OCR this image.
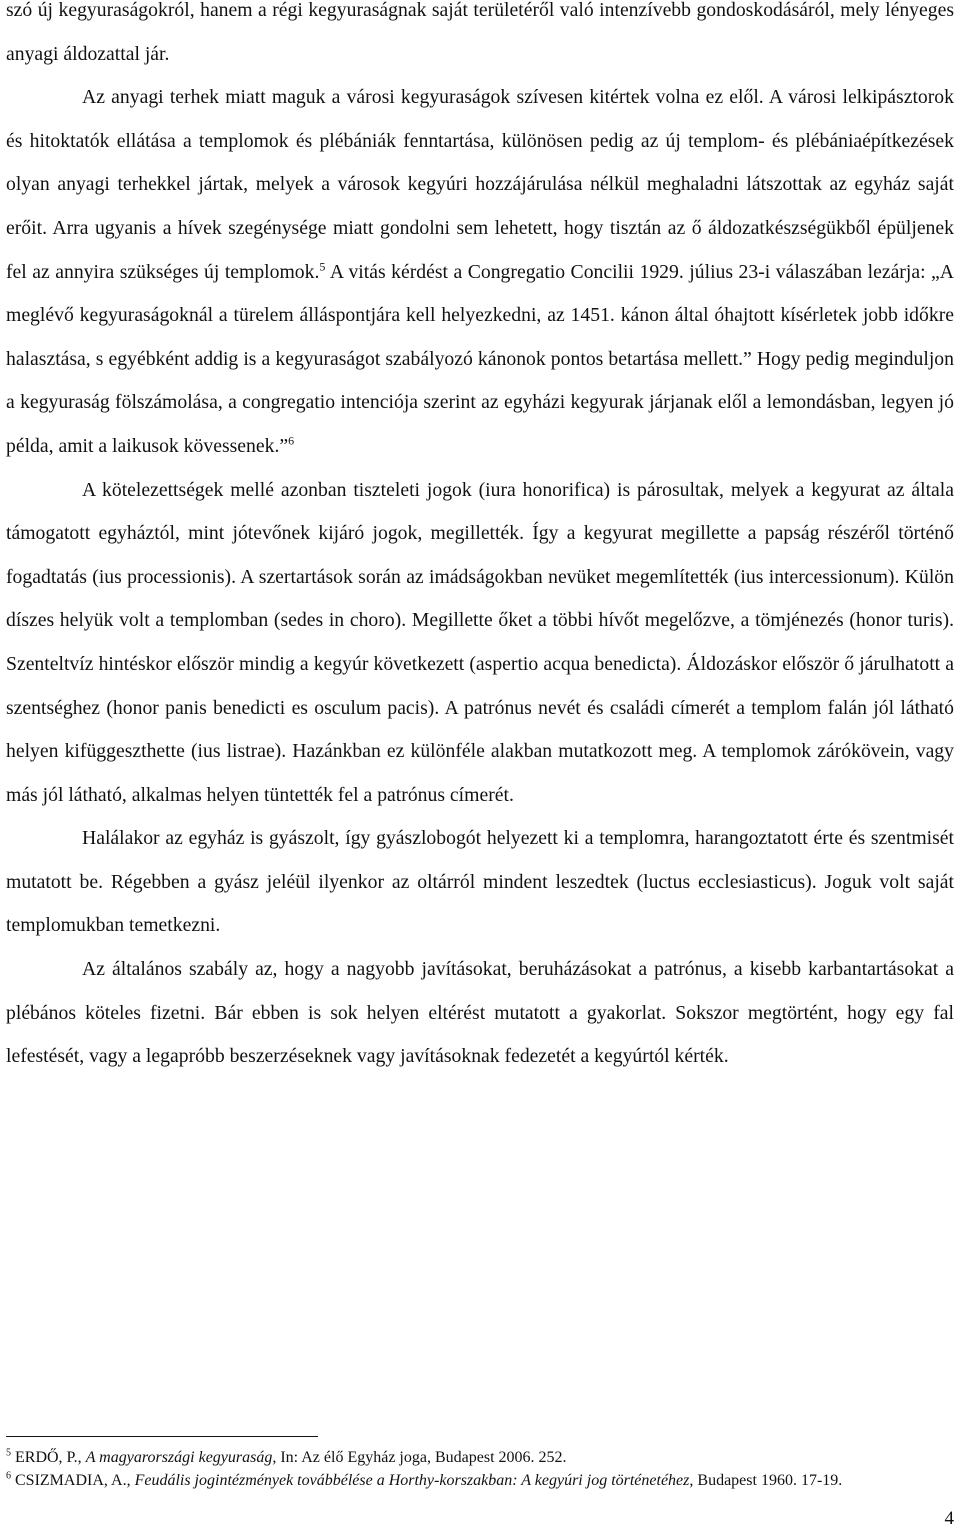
szó új kegyuraságokról, hanem a régi kegyuraságnak saját területéről való intenzívebb gondoskodásáról, mely lényeges anyagi áldozattal jár.

Az anyagi terhek miatt maguk a városi kegyuraságok szívesen kitértek volna ez elől. A városi lelkipásztorok és hitoktatók ellátása a templomok és plébániák fenntartása, különösen pedig az új templom- és plébániaépítkezések olyan anyagi terhekkel jártak, melyek a városok kegyúri hozzájárulása nélkül meghaladni látszottak az egyház saját erőit. Arra ugyanis a hívek szegénysége miatt gondolni sem lehetett, hogy tisztán az ő áldozatkészségükből épüljenek fel az annyira szükséges új templomok.$^5$ A vitás kérdést a Congregatio Concilii 1929. július 23-i válaszában lezárja: „A meglévő kegyuraságoknál a türelem álláspontjára kell helyezkedni, az 1451. kánon által óhajtott kísérletek jobb időkre halasztása, s egyébként addig is a kegyuraságot szabályozó kánonok pontos betartása mellett.” Hogy pedig meginduljon a kegyuraság fölszámolása, a congregatio intenciója szerint az egyházi kegyurak járjanak elől a lemondásban, legyen jó példa, amit a laikusok kövessenek.”$^6$

A kötelezettségek mellé azonban tiszteleti jogok (iura honorifica) is párosultak, melyek a kegyurat az általa támogatott egyháztól, mint jótevőnek kijáró jogok, megillették. Így a kegyurat megillette a papság részéről történő fogadtatás (ius processionis). A szertartások során az imádságokban nevüket megemlítették (ius intercessionum). Külön díszes helyük volt a templomban (sedes in choro). Megillette őket a többi hívőt megelőzve, a tömjénezés (honor turis). Szenteltvíz hintéskor először mindig a kegyúr következett (aspertio acqua benedicta). Áldozáskor először ő járulhatott a szentséghez (honor panis benedicti es osculum pacis). A patrónus nevét és családi címerét a templom falán jól látható helyen kifüggeszthette (ius listrae). Hazánkban ez különféle alakban mutatkozott meg. A templomok zárókövein, vagy más jól látható, alkalmas helyen tüntették fel a patrónus címerét.

Halálakor az egyház is gyászolt, így gyászlobogót helyezett ki a templomra, harangoztatott érte és szentmisét mutatott be. Régebben a gyász jeléül ilyenkor az oltárról mindent leszedtek (luctus ecclesiasticus). Joguk volt saját templomukban temetkezni.

Az általános szabály az, hogy a nagyobb javításokat, beruházásokat a patrónus, a kisebb karbantartásokat a plébános köteles fizetni. Bár ebben is sok helyen eltérést mutatott a gyakorlat. Sokszor megtörtént, hogy egy fal lefestését, vagy a legapróbb beszerzéseknek vagy javításoknak fedezetét a kegyúrtól kérték.

$^5$ ERDŐ, P., A magyarországi kegyuraság, In: Az élő Egyház joga, Budapest 2006. 252.

$^6$ CSIZMADIA, A., Feudális jogintézmények továbbélése a Horthy-korszakban: A kegyúri jog történetéhez, Budapest 1960. 17-19.

4
